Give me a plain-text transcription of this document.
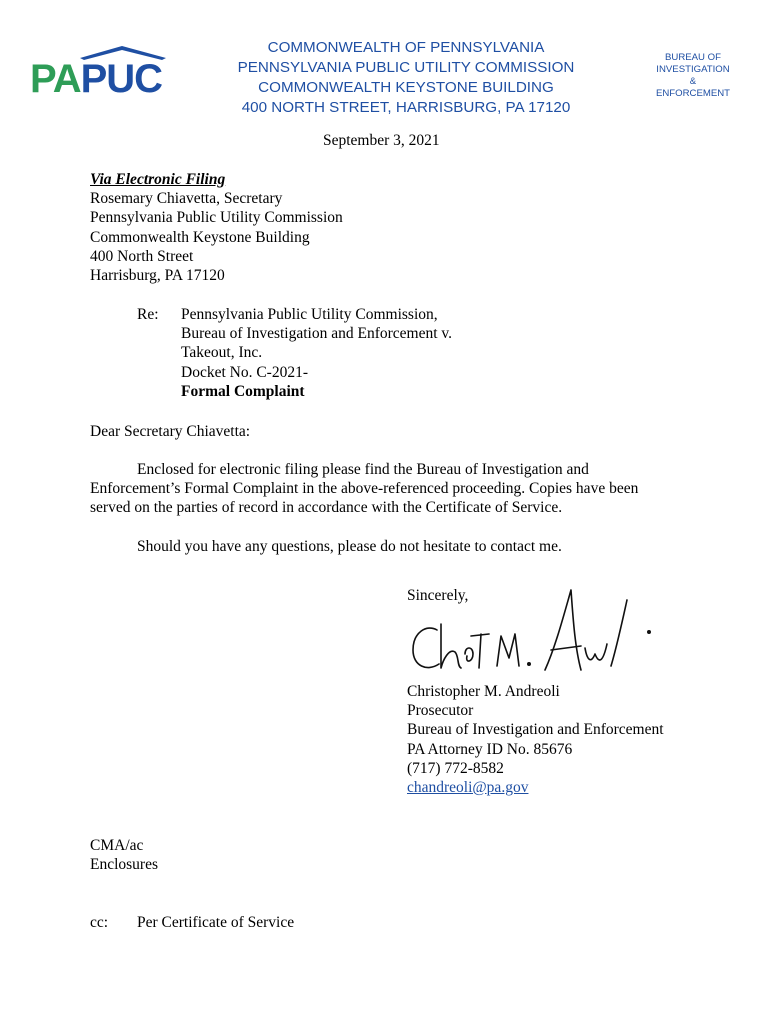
PAPUC
COMMONWEALTH OF PENNSYLVANIA
PENNSYLVANIA PUBLIC UTILITY COMMISSION
COMMONWEALTH KEYSTONE BUILDING
400 NORTH STREET, HARRISBURG, PA 17120
BUREAU OF
INVESTIGATION
&
ENFORCEMENT
September 3, 2021
Via Electronic Filing
Rosemary Chiavetta, Secretary
Pennsylvania Public Utility Commission
Commonwealth Keystone Building
400 North Street
Harrisburg, PA 17120
Re: Pennsylvania Public Utility Commission,
Bureau of Investigation and Enforcement v.
Takeout, Inc.
Docket No. C-2021-
Formal Complaint
Dear Secretary Chiavetta:
Enclosed for electronic filing please find the Bureau of Investigation and
Enforcement’s Formal Complaint in the above-referenced proceeding. Copies have been
served on the parties of record in accordance with the Certificate of Service.
Should you have any questions, please do not hesitate to contact me.
Sincerely,
Christopher M. Andreoli
Prosecutor
Bureau of Investigation and Enforcement
PA Attorney ID No. 85676
(717) 772-8582
chandreoli@pa.gov
CMA/ac
Enclosures
cc: Per Certificate of Service
